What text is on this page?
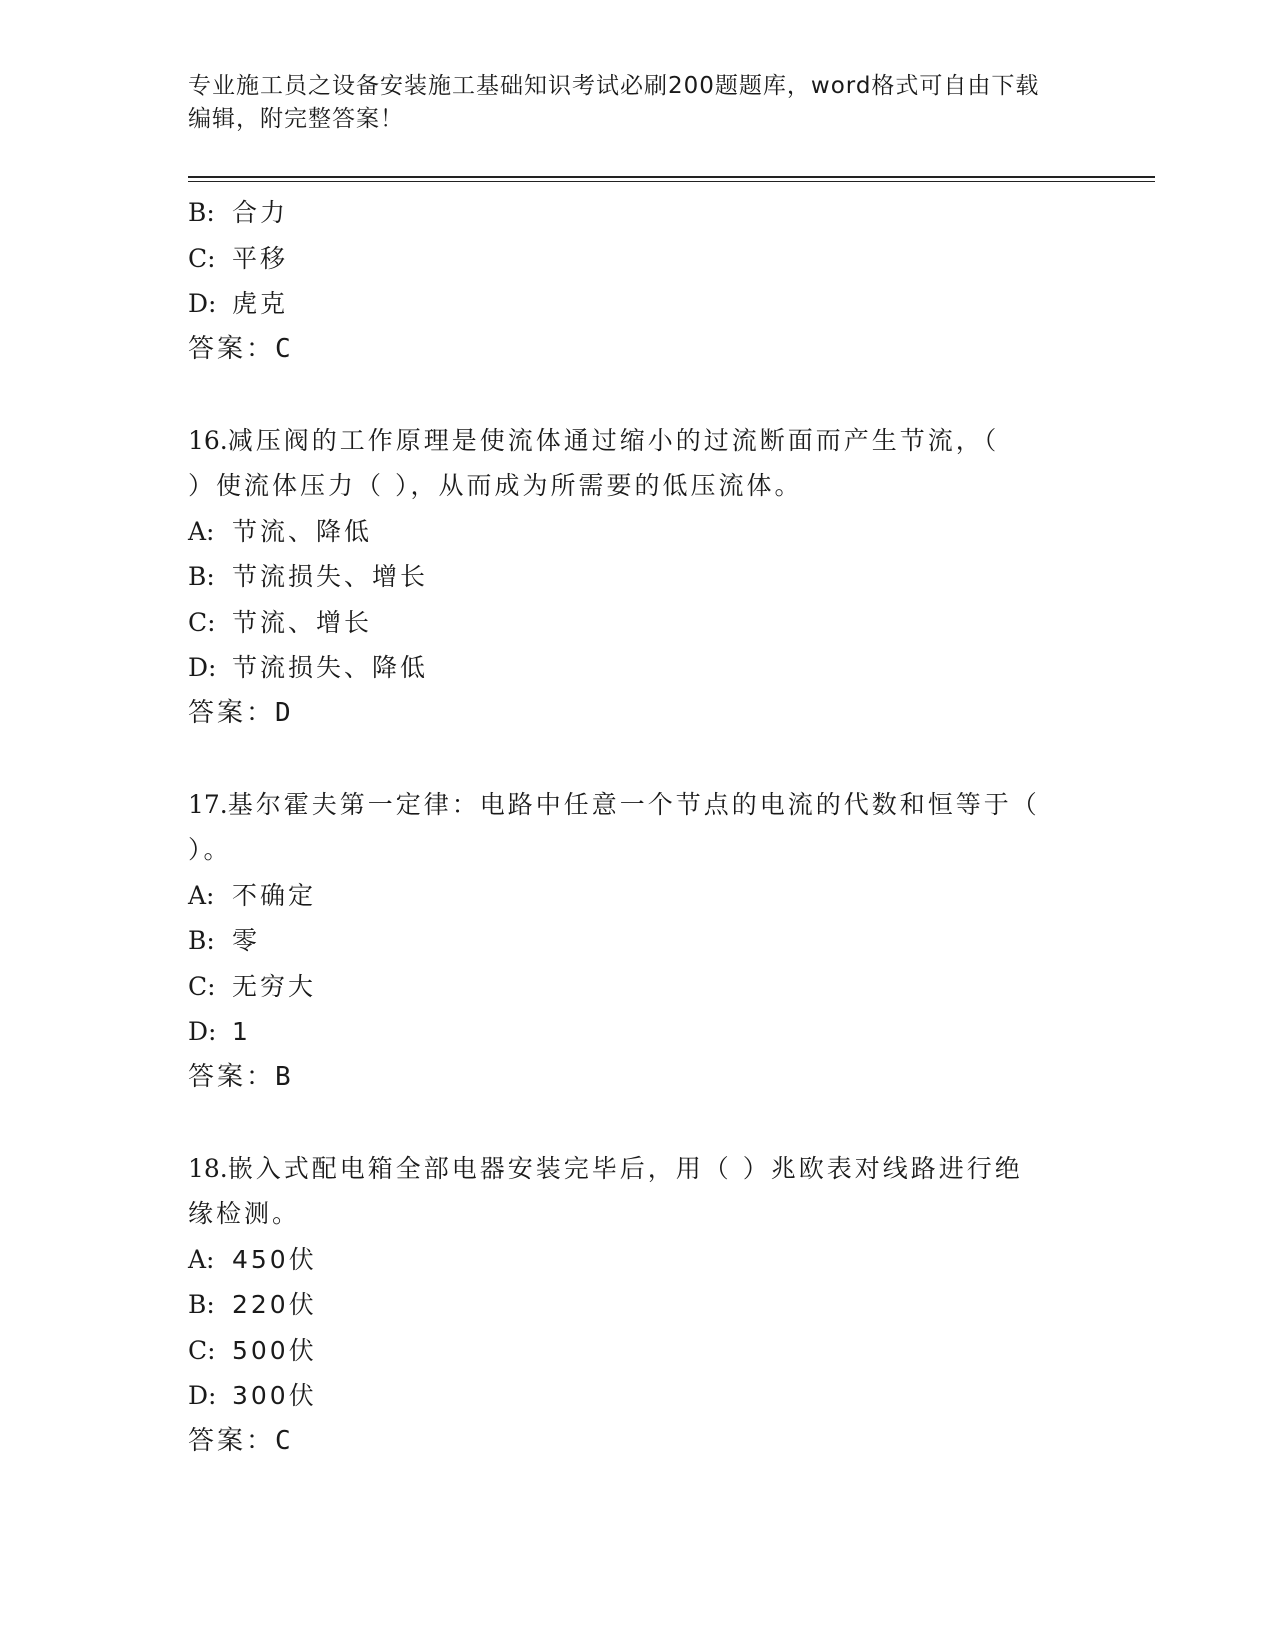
专业施工员之设备安装施工基础知识考试必刷200题题库，word格式可自由下载
编辑，附完整答案！
B: 合力
C: 平移
D: 虎克
答案：C
16.减压阀的工作原理是使流体通过缩小的过流断面而产生节流，（
）使流体压力（ ），从而成为所需要的低压流体。
A: 节流、降低
B: 节流损失、增长
C: 节流、增长
D: 节流损失、降低
答案：D
17.基尔霍夫第一定律：电路中任意一个节点的电流的代数和恒等于（
）。
A: 不确定
B: 零
C: 无穷大
D: 1
答案：B
18.嵌入式配电箱全部电器安装完毕后，用（ ）兆欧表对线路进行绝
缘检测。
A: 450伏
B: 220伏
C: 500伏
D: 300伏
答案：C
